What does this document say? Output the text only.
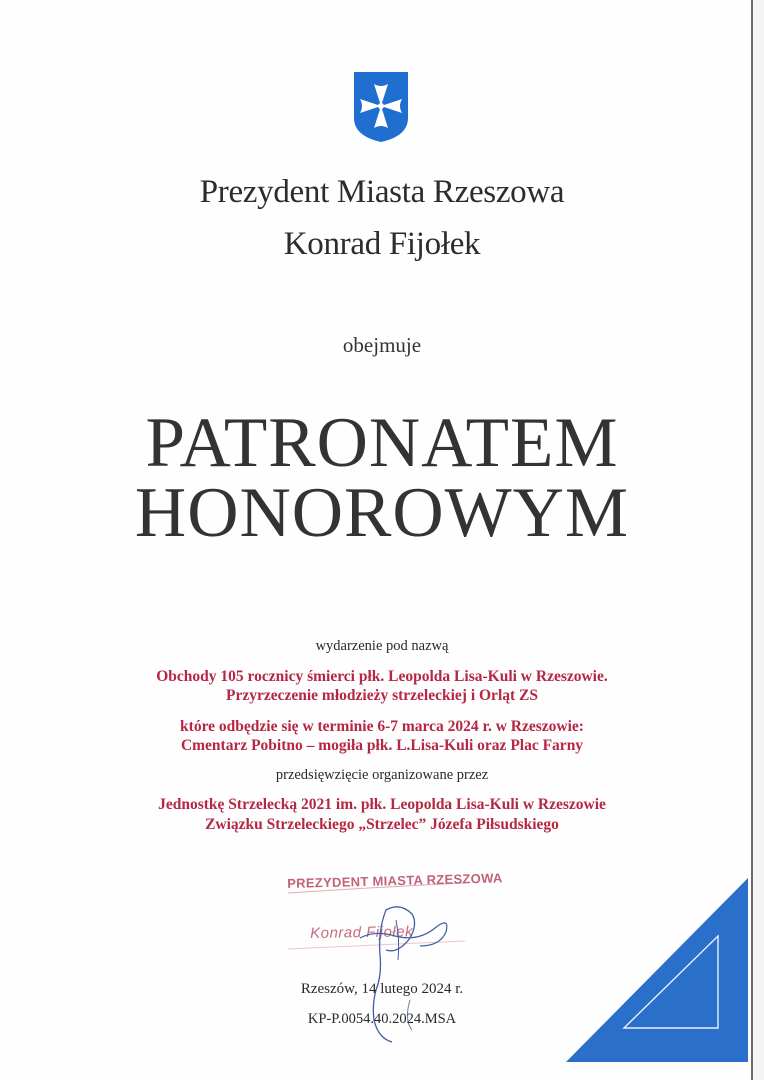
Prezydent Miasta Rzeszowa
Konrad Fijołek
obejmuje
PATRONATEM
HONOROWYM
wydarzenie pod nazwą
Obchody 105 rocznicy śmierci płk. Leopolda Lisa-Kuli w Rzeszowie.
Przyrzeczenie młodzieży strzeleckiej i Orląt ZS
które odbędzie się w terminie 6-7 marca 2024 r. w Rzeszowie:
Cmentarz Pobitno – mogiła płk. L.Lisa-Kuli oraz Plac Farny
przedsięwzięcie organizowane przez
Jednostkę Strzelecką 2021 im. płk. Leopolda Lisa-Kuli w Rzeszowie
Związku Strzeleckiego „Strzelec” Józefa Piłsudskiego
PREZYDENT MIASTA RZESZOWA
Konrad Fijołek
Rzeszów, 14 lutego 2024 r.
KP-P.0054.40.2024.MSA
